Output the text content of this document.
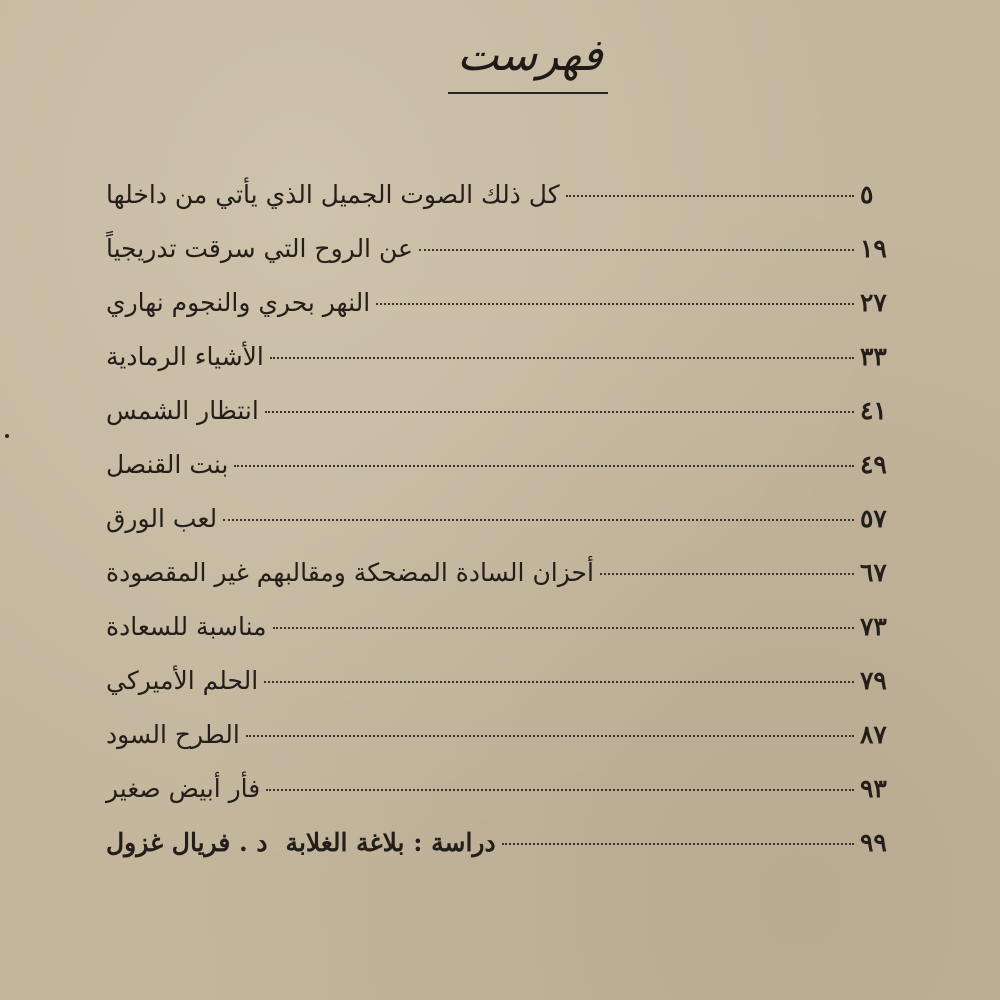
فهرست
كل ذلك الصوت الجميل الذي يأتي من داخلها	٥
عن الروح التي سرقت تدريجياً	١٩
النهر بحري والنجوم نهاري	٢٧
الأشياء الرمادية	٣٣
انتظار الشمس	٤١
بنت القنصل	٤٩
لعب الورق	٥٧
أحزان السادة المضحكة ومقالبهم غير المقصودة	٦٧
مناسبة للسعادة	٧٣
الحلم الأميركي	٧٩
الطرح السود	٨٧
فأر أبيض صغير	٩٣
دراسة : بلاغة الغلابةد . فريال غزول	٩٩
